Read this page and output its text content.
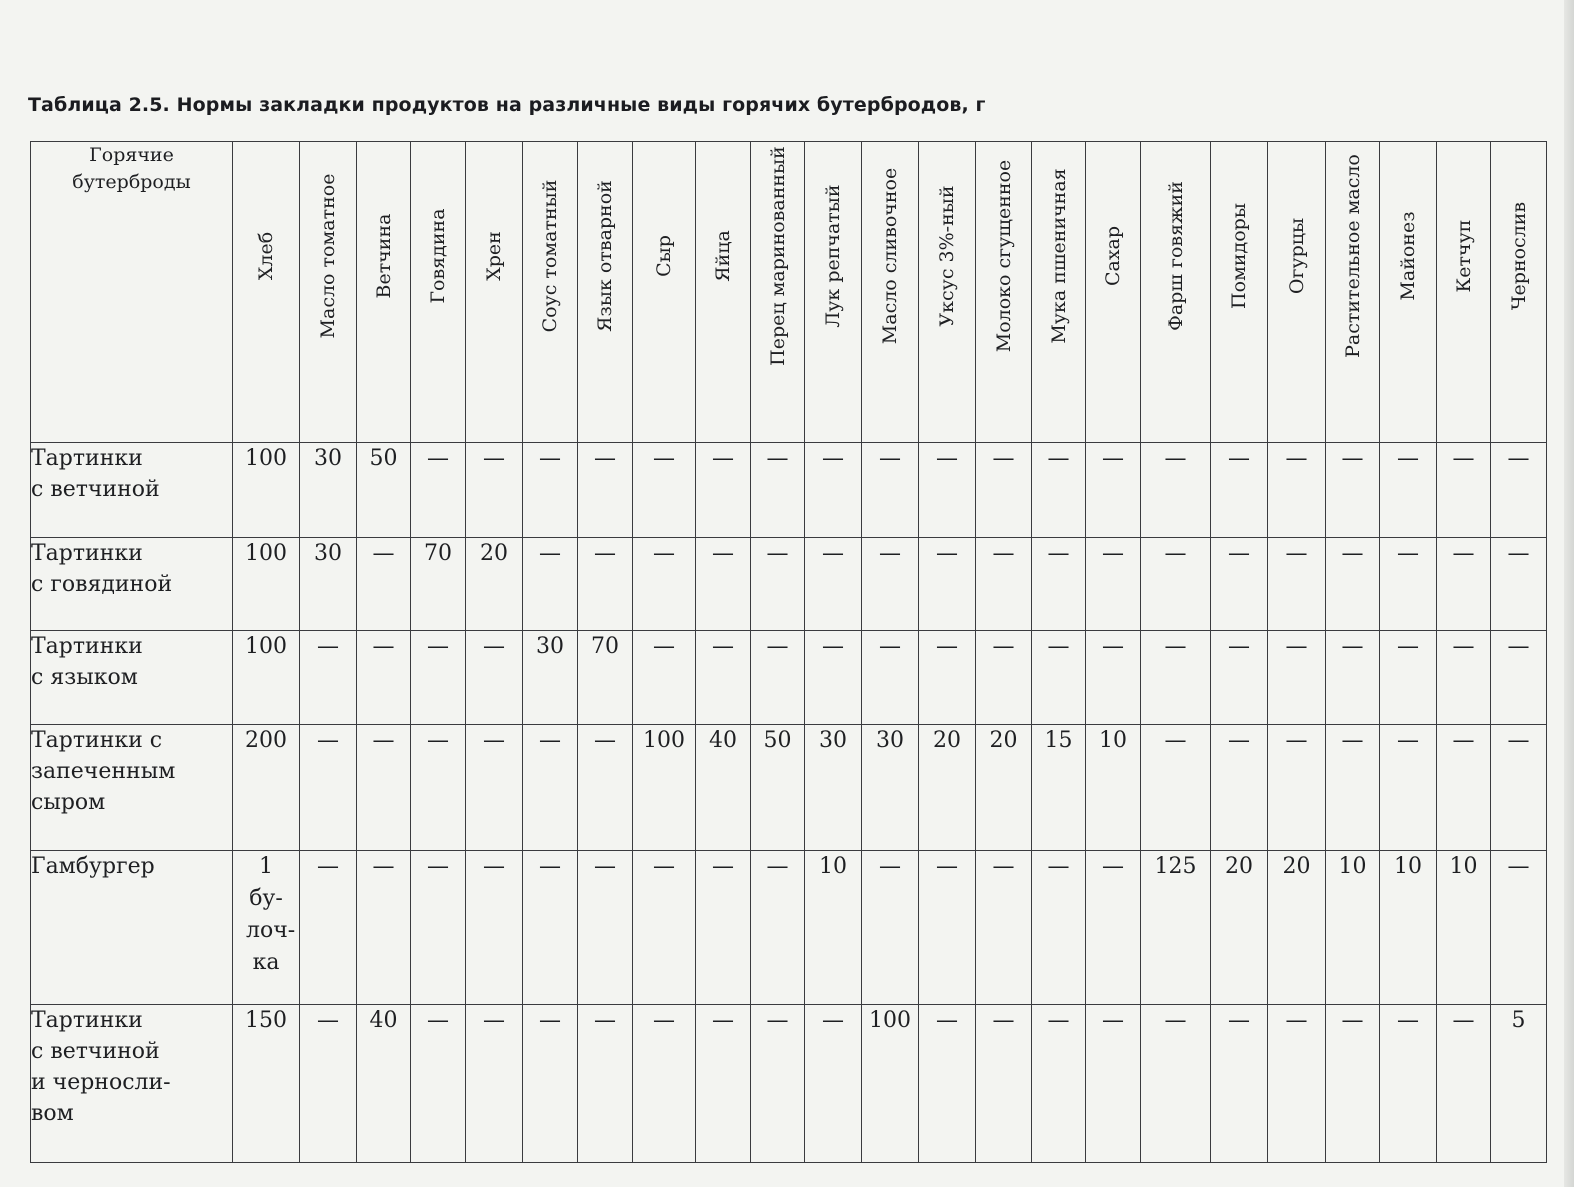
Таблица 2.5. Нормы закладки продуктов на различные виды горячих бутербродов, г
Горячие
бутерброды	Хлеб	Масло томатное	Ветчина	Говядина	Хрен	Соус томатный	Язык отварной	Сыр	Яйца	Перец маринованный	Лук репчатый	Масло сливочное	Уксус 3%-ный	Молоко сгущенное	Мука пшеничная	Сахар	Фарш говяжий	Помидоры	Огурцы	Растительное масло	Майонез	Кетчуп	Чернослив

Тартинки
с ветчиной	100	30	50	—	—	—	—	—	—	—	—	—	—	—	—	—	—	—	—	—	—	—	—

Тартинки
с говядиной	100	30	—	70	20	—	—	—	—	—	—	—	—	—	—	—	—	—	—	—	—	—	—

Тартинки
с языком	100	—	—	—	—	30	70	—	—	—	—	—	—	—	—	—	—	—	—	—	—	—	—

Тартинки с
запеченным
сыром	200	—	—	—	—	—	—	100	40	50	30	30	20	20	15	10	—	—	—	—	—	—	—

Гамбургер	1 бу- лоч- ка	—	—	—	—	—	—	—	—	—	10	—	—	—	—	—	125	20	20	10	10	10	—

Тартинки
с ветчиной
и черносли-
вом	150	—	40	—	—	—	—	—	—	—	—	100	—	—	—	—	—	—	—	—	—	—	5
